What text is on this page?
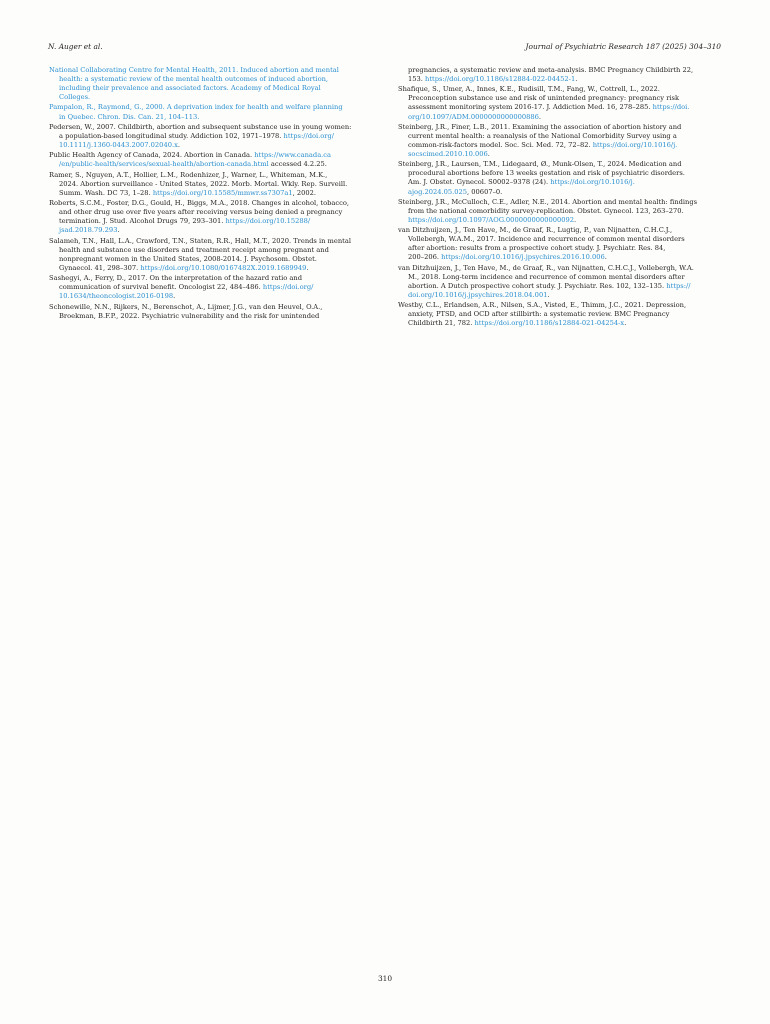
N. Auger et al.	Journal of Psychiatric Research 187 (2025) 304–310

National Collaborating Centre for Mental Health, 2011. Induced abortion and mental
health: a systematic review of the mental health outcomes of induced abortion,
including their prevalence and associated factors. Academy of Medical Royal
Colleges.

Pampalon, R., Raymond, G., 2000. A deprivation index for health and welfare planning
in Quebec. Chron. Dis. Can. 21, 104–113.

Pedersen, W., 2007. Childbirth, abortion and subsequent substance use in young women:
a population-based longitudinal study. Addiction 102, 1971–1978. https://doi.org/
10.1111/j.1360-0443.2007.02040.x.

Public Health Agency of Canada, 2024. Abortion in Canada. https://www.canada.ca
/en/public-health/services/sexual-health/abortion-canada.html accessed 4.2.25.

Ramer, S., Nguyen, A.T., Hollier, L.M., Rodenhizer, J., Warner, L., Whiteman, M.K.,
2024. Abortion surveillance - United States, 2022. Morb. Mortal. Wkly. Rep. Surveill.
Summ. Wash. DC 73, 1–28. https://doi.org/10.15585/mmwr.ss7307a1, 2002.

Roberts, S.C.M., Foster, D.G., Gould, H., Biggs, M.A., 2018. Changes in alcohol, tobacco,
and other drug use over five years after receiving versus being denied a pregnancy
termination. J. Stud. Alcohol Drugs 79, 293–301. https://doi.org/10.15288/
jsad.2018.79.293.

Salameh, T.N., Hall, L.A., Crawford, T.N., Staten, R.R., Hall, M.T., 2020. Trends in mental
health and substance use disorders and treatment receipt among pregnant and
nonpregnant women in the United States, 2008-2014. J. Psychosom. Obstet.
Gynaecol. 41, 298–307. https://doi.org/10.1080/0167482X.2019.1689949.

Sashegyi, A., Ferry, D., 2017. On the interpretation of the hazard ratio and
communication of survival benefit. Oncologist 22, 484–486. https://doi.org/
10.1634/theoncologist.2016-0198.

Schonewille, N.N., Rijkers, N., Berenschot, A., Lijmer, J.G., van den Heuvel, O.A.,
Broekman, B.F.P., 2022. Psychiatric vulnerability and the risk for unintended

pregnancies, a systematic review and meta-analysis. BMC Pregnancy Childbirth 22,
153. https://doi.org/10.1186/s12884-022-04452-1.

Shafique, S., Umer, A., Innes, K.E., Rudisill, T.M., Fang, W., Cottrell, L., 2022.
Preconception substance use and risk of unintended pregnancy: pregnancy risk
assessment monitoring system 2016-17. J. Addiction Med. 16, 278–285. https://doi.
org/10.1097/ADM.0000000000000886.

Steinberg, J.R., Finer, L.B., 2011. Examining the association of abortion history and
current mental health: a reanalysis of the National Comorbidity Survey using a
common-risk-factors model. Soc. Sci. Med. 72, 72–82. https://doi.org/10.1016/j.
socscimed.2010.10.006.

Steinberg, J.R., Laursen, T.M., Lidegaard, Ø., Munk-Olsen, T., 2024. Medication and
procedural abortions before 13 weeks gestation and risk of psychiatric disorders.
Am. J. Obstet. Gynecol. S0002–9378 (24). https://doi.org/10.1016/j.
ajog.2024.05.025, 00607–0.

Steinberg, J.R., McCulloch, C.E., Adler, N.E., 2014. Abortion and mental health: findings
from the national comorbidity survey-replication. Obstet. Gynecol. 123, 263–270.
https://doi.org/10.1097/AOG.0000000000000092.

van Ditzhuijzen, J., Ten Have, M., de Graaf, R., Lugtig, P., van Nijnatten, C.H.C.J.,
Vollebergh, W.A.M., 2017. Incidence and recurrence of common mental disorders
after abortion: results from a prospective cohort study. J. Psychiatr. Res. 84,
200–206. https://doi.org/10.1016/j.jpsychires.2016.10.006.

van Ditzhuijzen, J., Ten Have, M., de Graaf, R., van Nijnatten, C.H.C.J., Vollebergh, W.A.
M., 2018. Long-term incidence and recurrence of common mental disorders after
abortion. A Dutch prospective cohort study. J. Psychiatr. Res. 102, 132–135. https://
doi.org/10.1016/j.jpsychires.2018.04.001.

Westby, C.L., Erlandsen, A.R., Nilsen, S.A., Visted, E., Thimm, J.C., 2021. Depression,
anxiety, PTSD, and OCD after stillbirth: a systematic review. BMC Pregnancy
Childbirth 21, 782. https://doi.org/10.1186/s12884-021-04254-x.

310
